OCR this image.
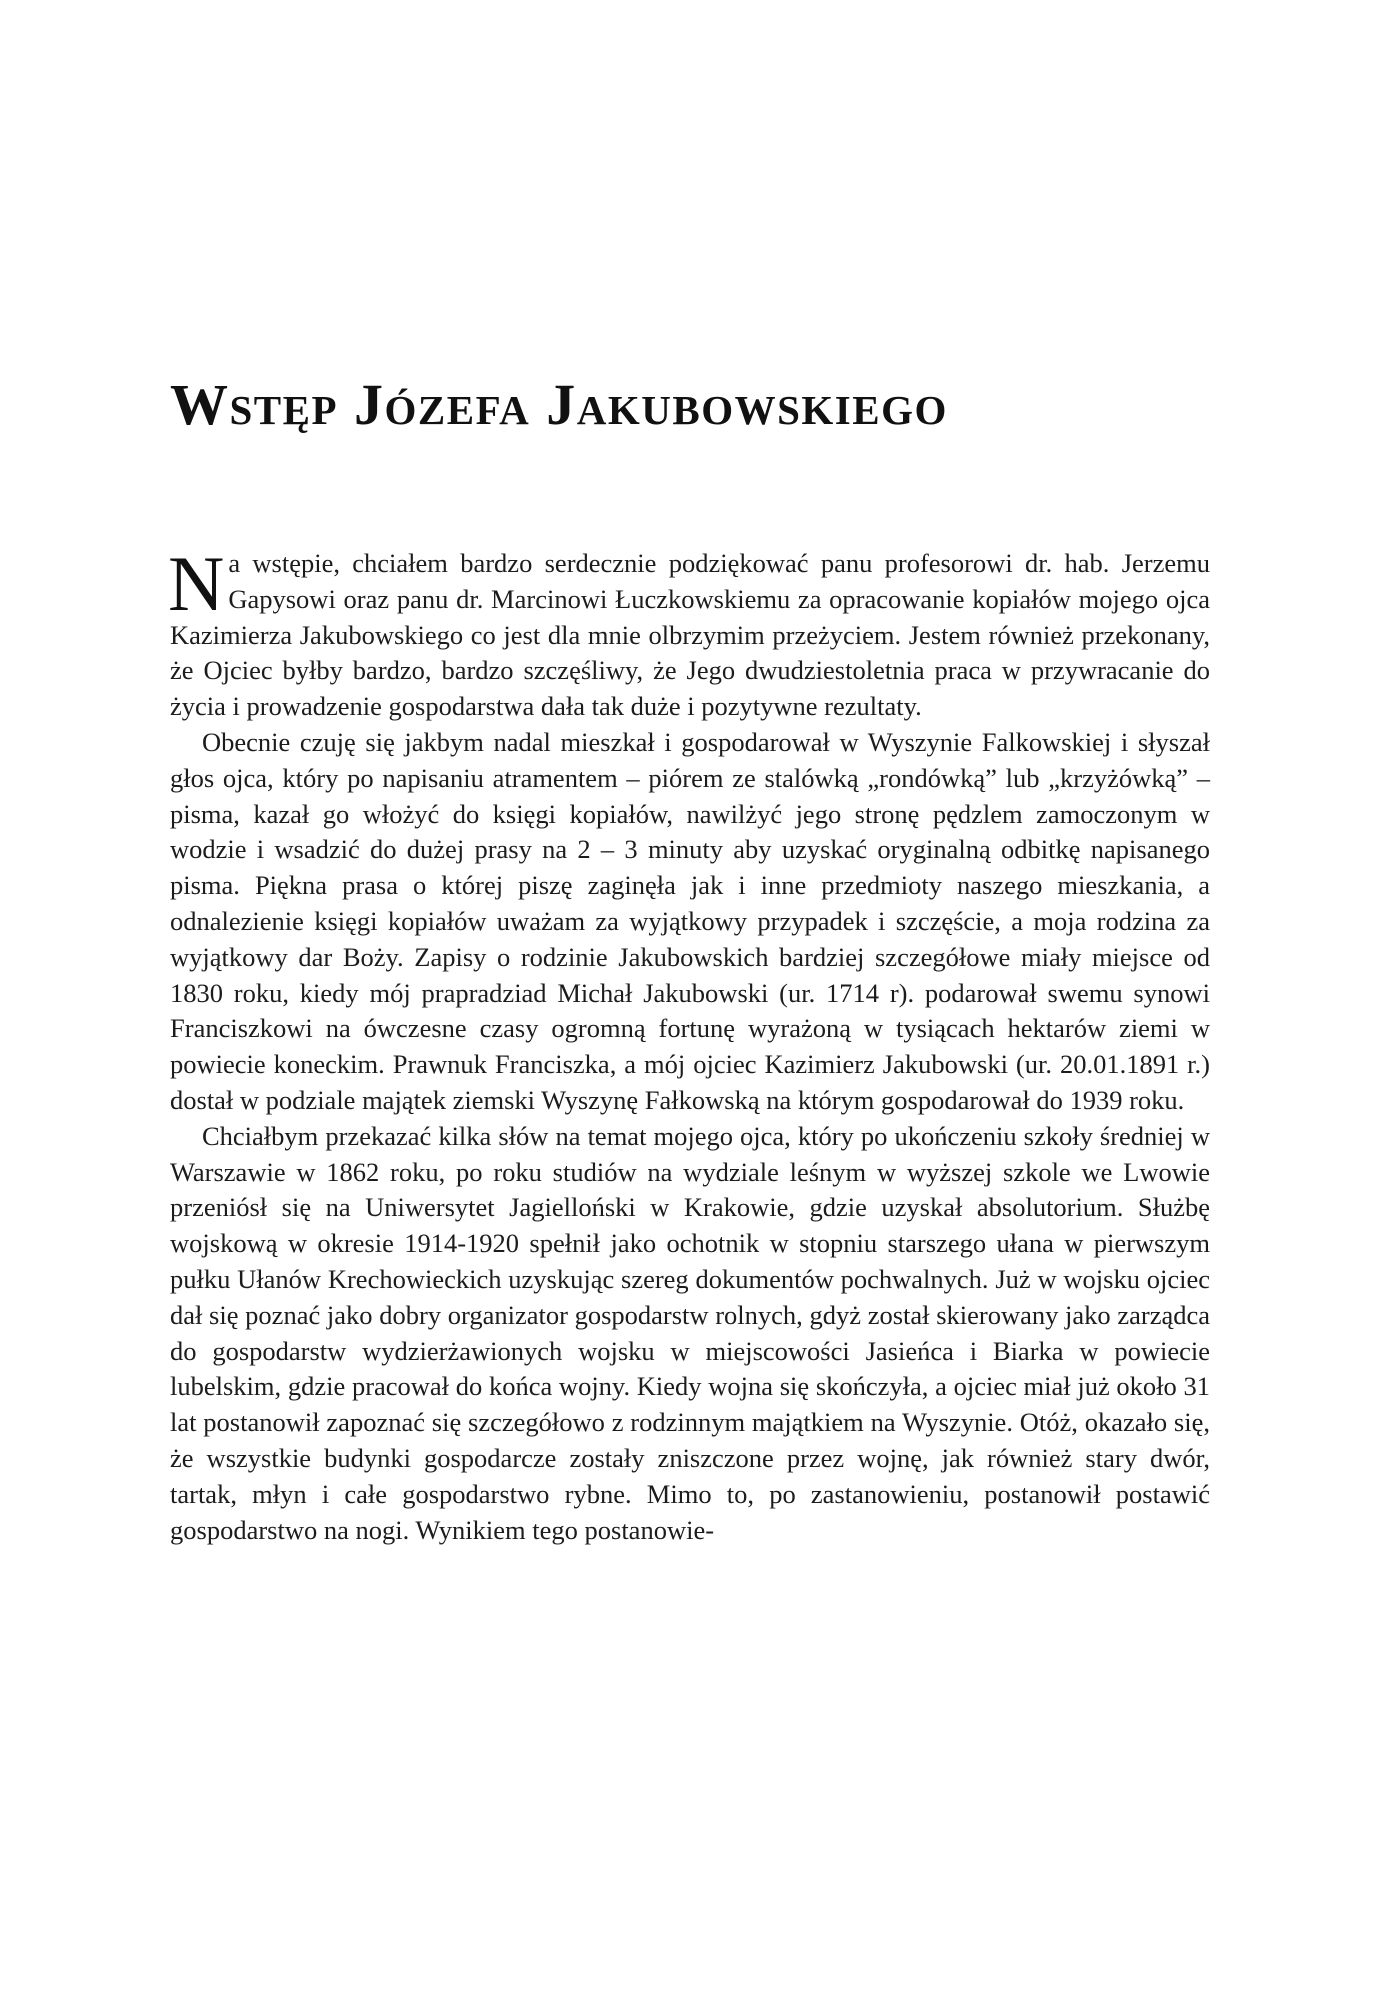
Wstęp Józefa Jakubowskiego

Na wstępie, chciałem bardzo serdecznie podziękować panu profesorowi dr. hab. Jerzemu Gapysowi oraz panu dr. Marcinowi Łuczkowskiemu za opracowanie kopiałów mojego ojca Kazimierza Jakubowskiego co jest dla mnie olbrzymim przeżyciem. Jestem również przekonany, że Ojciec byłby bardzo, bardzo szczęśliwy, że Jego dwudziestoletnia praca w przywracanie do życia i prowadzenie gospodarstwa dała tak duże i pozytywne rezultaty.

Obecnie czuję się jakbym nadal mieszkał i gospodarował w Wyszynie Falkowskiej i słyszał głos ojca, który po napisaniu atramentem – piórem ze stalówką „rondówką” lub „krzyżówką” – pisma, kazał go włożyć do księgi kopiałów, nawilżyć jego stronę pędzlem zamoczonym w wodzie i wsadzić do dużej prasy na 2 – 3 minuty aby uzyskać oryginalną odbitkę napisanego pisma. Piękna prasa o której piszę zaginęła jak i inne przedmioty naszego mieszkania, a odnalezienie księgi kopiałów uważam za wyjątkowy przypadek i szczęście, a moja rodzina za wyjątkowy dar Boży. Zapisy o rodzinie Jakubowskich bardziej szczegółowe miały miejsce od 1830 roku, kiedy mój prapradziad Michał Jakubowski (ur. 1714 r). podarował swemu synowi Franciszkowi na ówczesne czasy ogromną fortunę wyrażoną w tysiącach hektarów ziemi w powiecie koneckim. Prawnuk Franciszka, a mój ojciec Kazimierz Jakubowski (ur. 20.01.1891 r.) dostał w podziale majątek ziemski Wyszynę Fałkowską na którym gospodarował do 1939 roku.

Chciałbym przekazać kilka słów na temat mojego ojca, który po ukończeniu szkoły średniej w Warszawie w 1862 roku, po roku studiów na wydziale leśnym w wyższej szkole we Lwowie przeniósł się na Uniwersytet Jagielloński w Krakowie, gdzie uzyskał absolutorium. Służbę wojskową w okresie 1914-1920 spełnił jako ochotnik w stopniu starszego ułana w pierwszym pułku Ułanów Krechowieckich uzyskując szereg dokumentów pochwalnych. Już w wojsku ojciec dał się poznać jako dobry organizator gospodarstw rolnych, gdyż został skierowany jako zarządca do gospodarstw wydzierżawionych wojsku w miejscowości Jasieńca i Biarka w powiecie lubelskim, gdzie pracował do końca wojny. Kiedy wojna się skończyła, a ojciec miał już około 31 lat postanowił zapoznać się szczegółowo z rodzinnym majątkiem na Wyszynie. Otóż, okazało się, że wszystkie budynki gospodarcze zostały zniszczone przez wojnę, jak również stary dwór, tartak, młyn i całe gospodarstwo rybne. Mimo to, po zastanowieniu, postanowił postawić gospodarstwo na nogi. Wynikiem tego postanowie-
